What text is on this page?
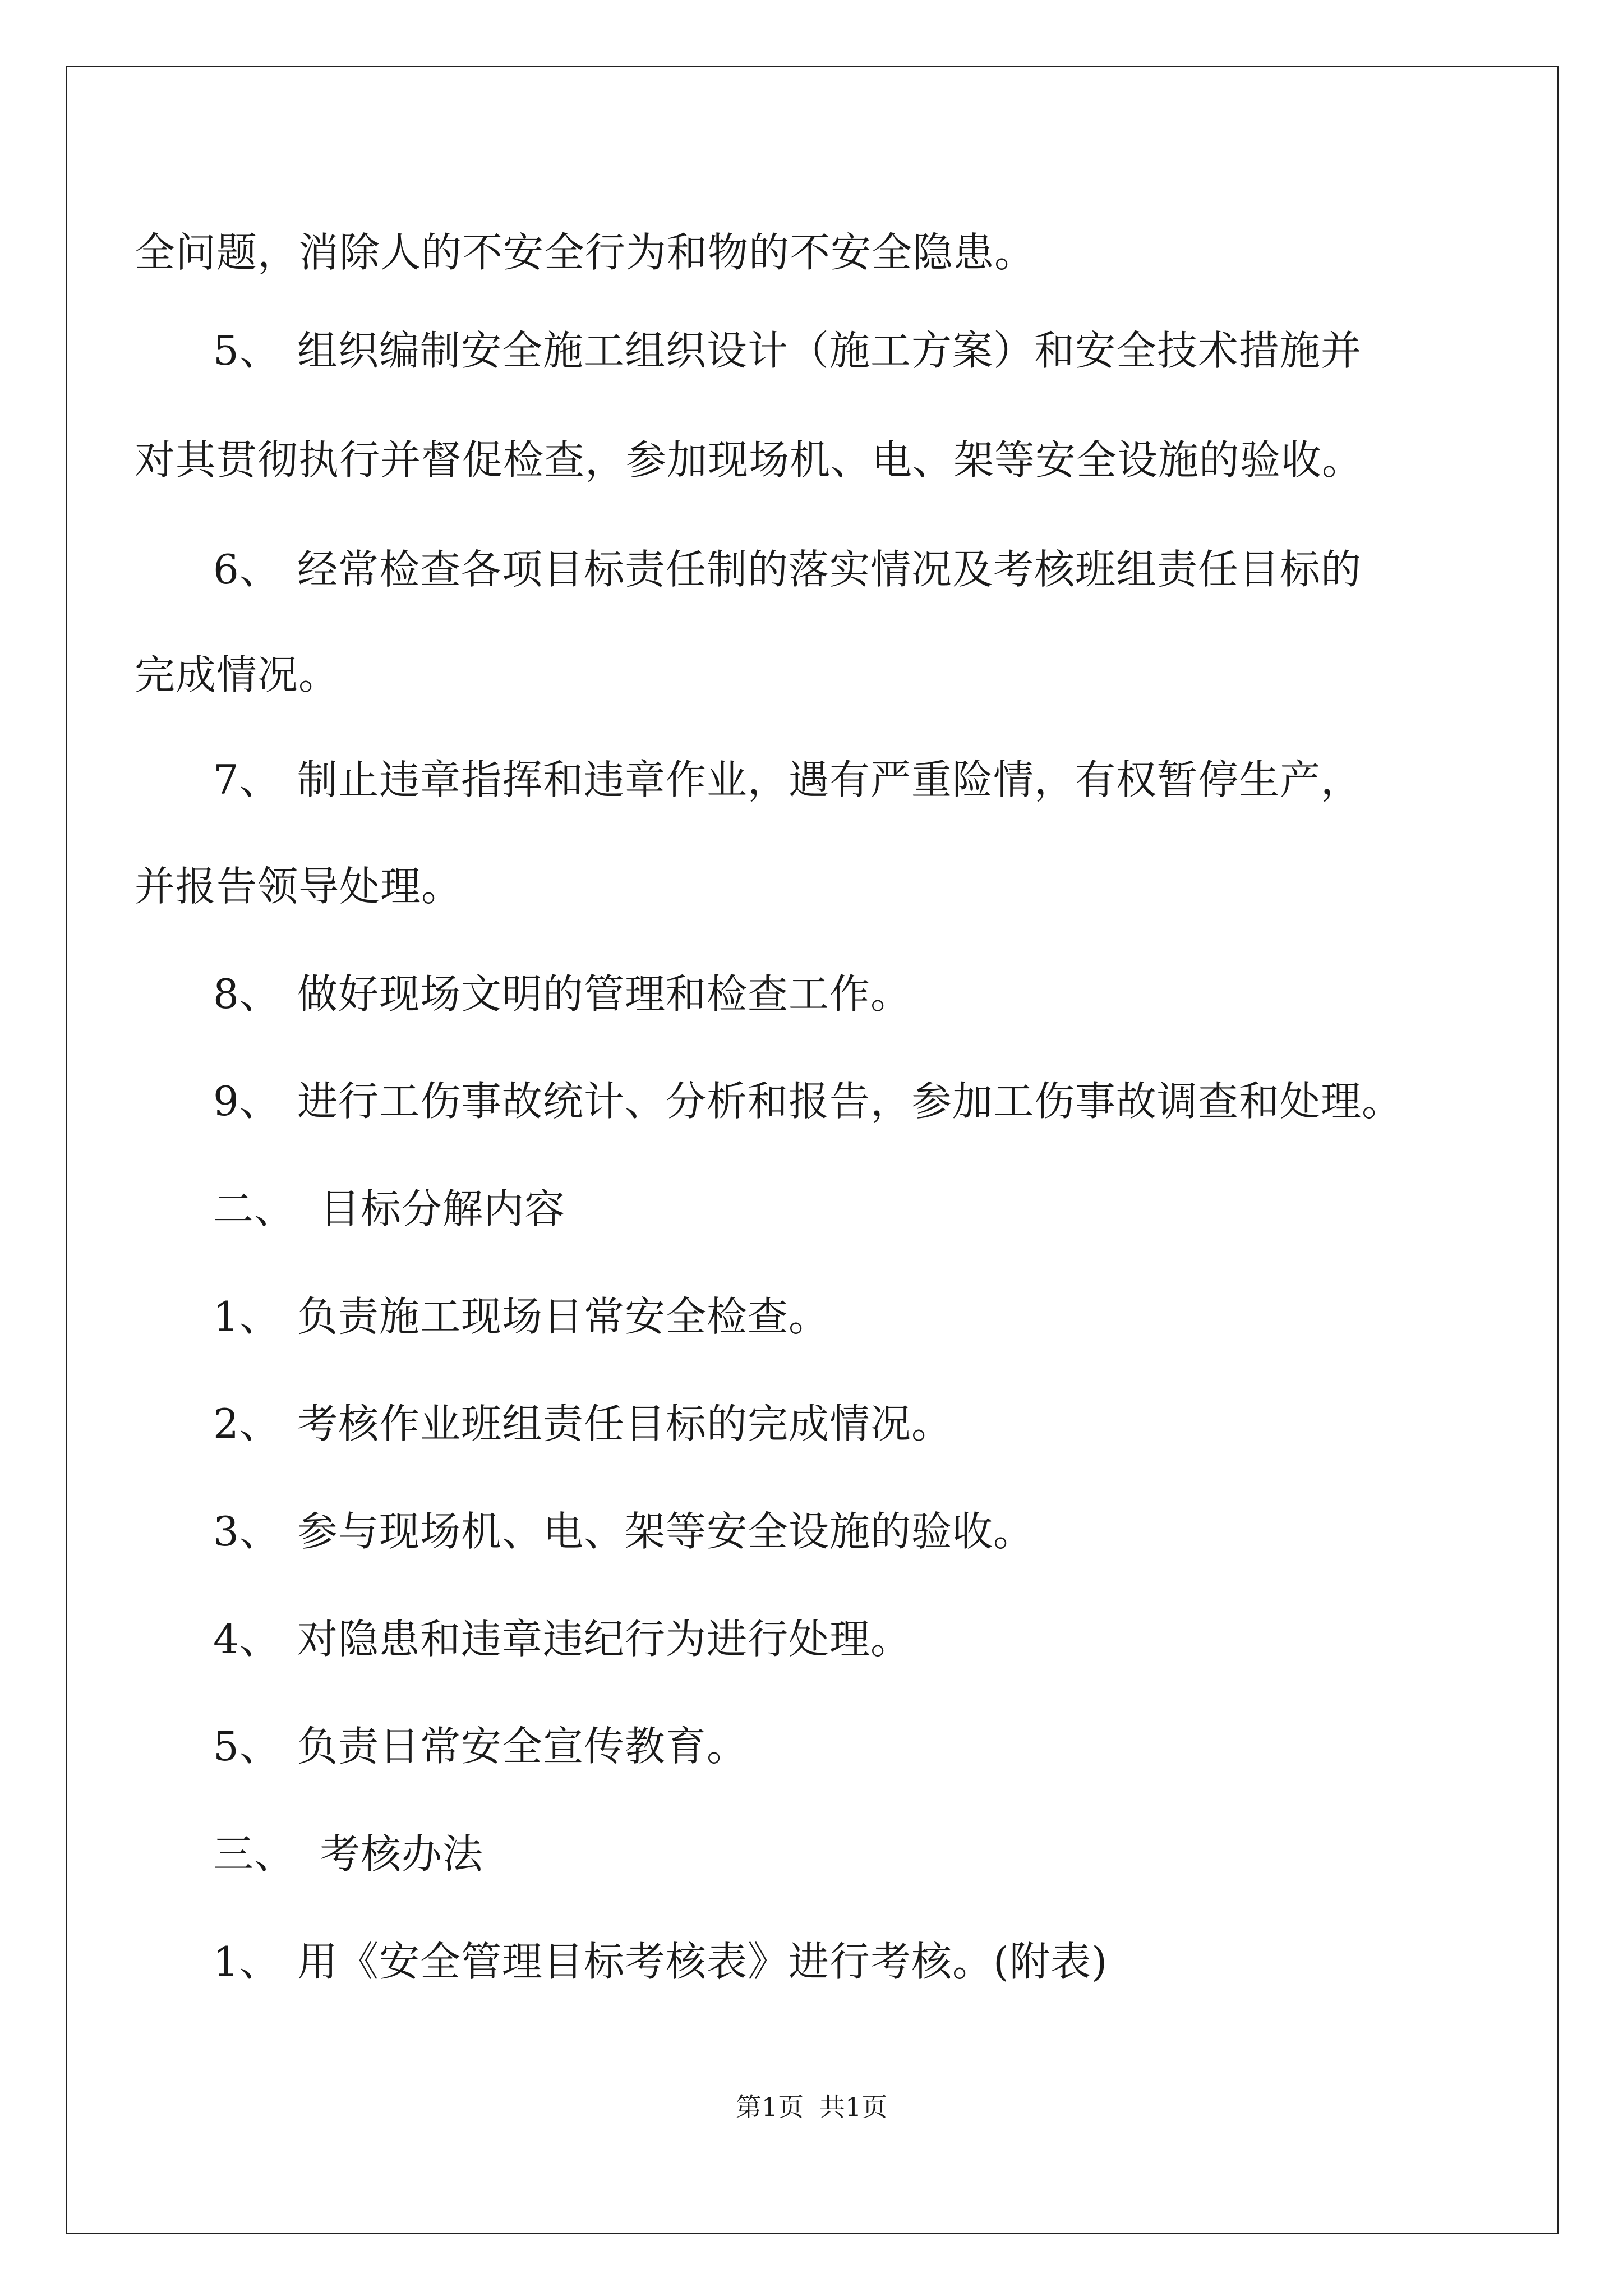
全问题，消除人的不安全行为和物的不安全隐患。
5、 组织编制安全施工组织设计（施工方案）和安全技术措施并
对其贯彻执行并督促检查，参加现场机、电、架等安全设施的验收。
6、 经常检查各项目标责任制的落实情况及考核班组责任目标的
完成情况。
7、 制止违章指挥和违章作业，遇有严重险情，有权暂停生产，
并报告领导处理。
8、 做好现场文明的管理和检查工作。
9、 进行工伤事故统计、分析和报告，参加工伤事故调查和处理。
二、 目标分解内容
1、 负责施工现场日常安全检查。
2、 考核作业班组责任目标的完成情况。
3、 参与现场机、电、架等安全设施的验收。
4、 对隐患和违章违纪行为进行处理。
5、 负责日常安全宣传教育。
三、 考核办法
1、 用《安全管理目标考核表》进行考核。(附表)
第1页 共1页
